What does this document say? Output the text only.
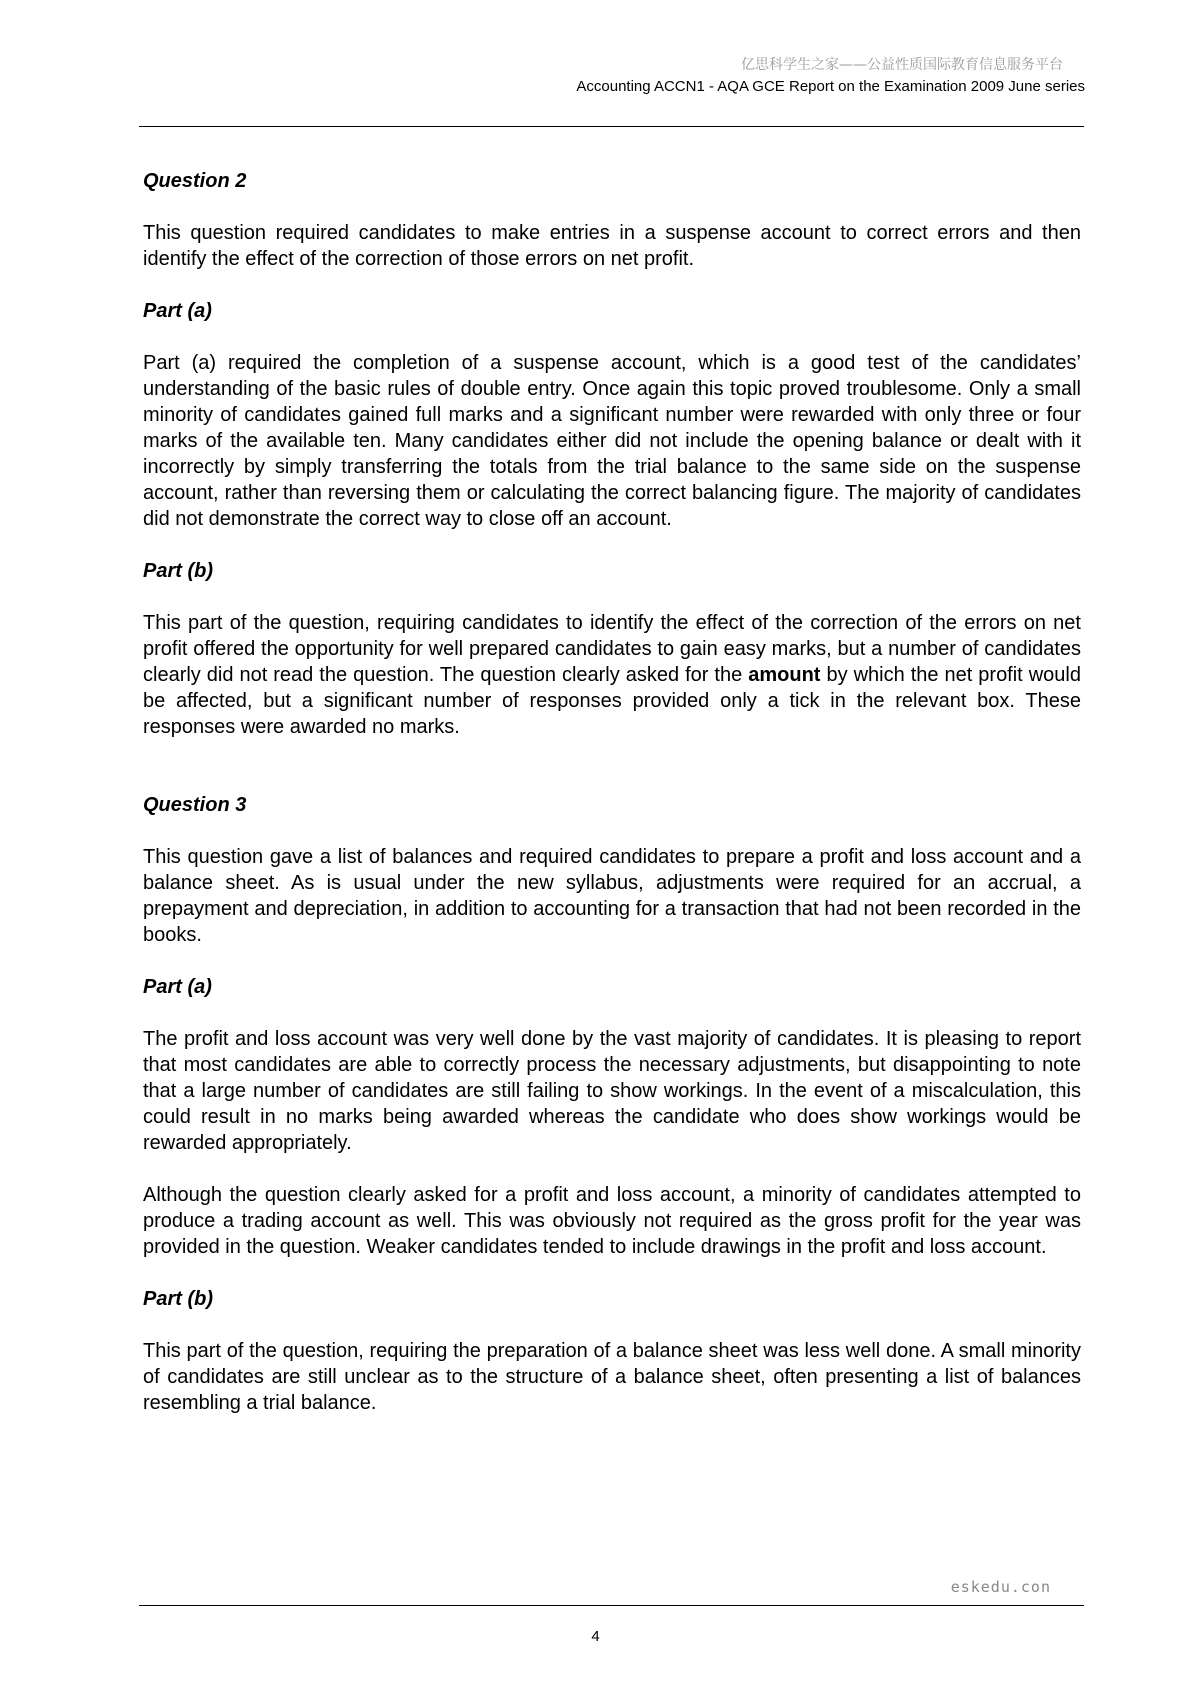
亿思科学生之家——公益性质国际教育信息服务平台
Accounting ACCN1 - AQA GCE Report on the Examination 2009 June series
Question 2

This question required candidates to make entries in a suspense account to correct errors and then identify the effect of the correction of those errors on net profit.

Part (a)

Part (a) required the completion of a suspense account, which is a good test of the candidates’ understanding of the basic rules of double entry. Once again this topic proved troublesome. Only a small minority of candidates gained full marks and a significant number were rewarded with only three or four marks of the available ten. Many candidates either did not include the opening balance or dealt with it incorrectly by simply transferring the totals from the trial balance to the same side on the suspense account, rather than reversing them or calculating the correct balancing figure. The majority of candidates did not demonstrate the correct way to close off an account.

Part (b)

This part of the question, requiring candidates to identify the effect of the correction of the errors on net profit offered the opportunity for well prepared candidates to gain easy marks, but a number of candidates clearly did not read the question. The question clearly asked for the amount by which the net profit would be affected, but a significant number of responses provided only a tick in the relevant box. These responses were awarded no marks.

Question 3

This question gave a list of balances and required candidates to prepare a profit and loss account and a balance sheet. As is usual under the new syllabus, adjustments were required for an accrual, a prepayment and depreciation, in addition to accounting for a transaction that had not been recorded in the books.

Part (a)

The profit and loss account was very well done by the vast majority of candidates. It is pleasing to report that most candidates are able to correctly process the necessary adjustments, but disappointing to note that a large number of candidates are still failing to show workings. In the event of a miscalculation, this could result in no marks being awarded whereas the candidate who does show workings would be rewarded appropriately.

Although the question clearly asked for a profit and loss account, a minority of candidates attempted to produce a trading account as well. This was obviously not required as the gross profit for the year was provided in the question. Weaker candidates tended to include drawings in the profit and loss account.

Part (b)

This part of the question, requiring the preparation of a balance sheet was less well done. A small minority of candidates are still unclear as to the structure of a balance sheet, often presenting a list of balances resembling a trial balance.

eskedu.con
4
